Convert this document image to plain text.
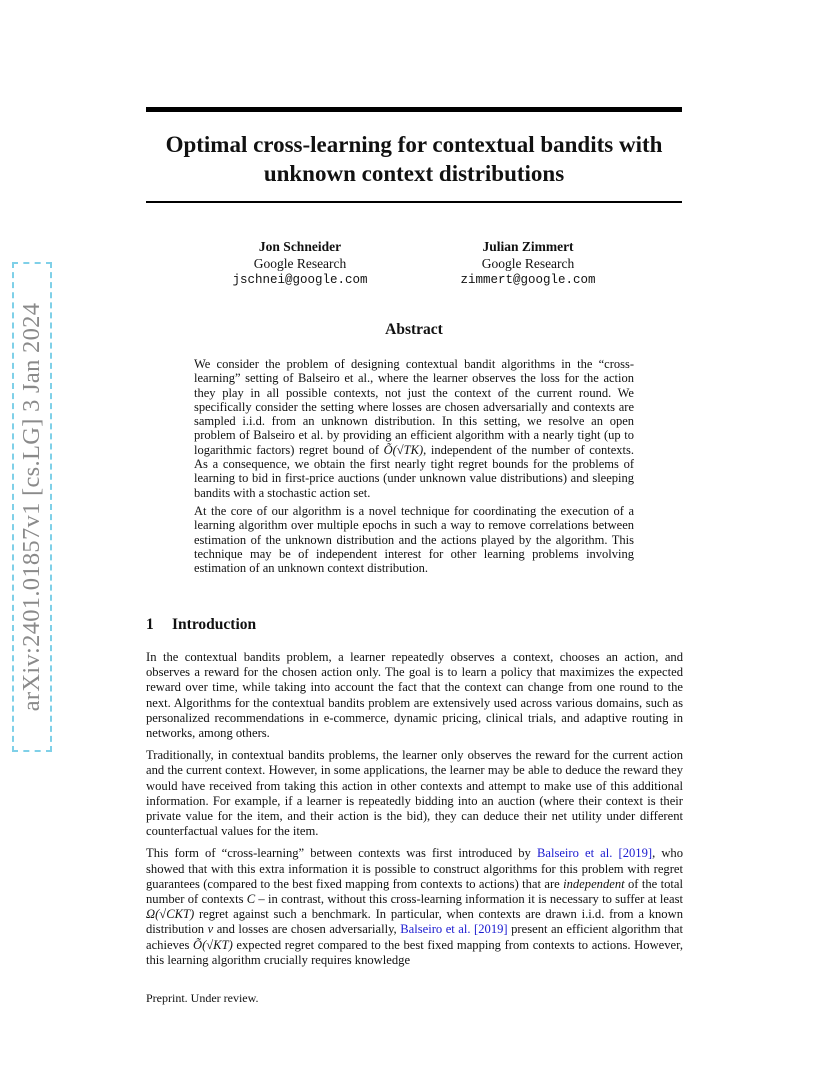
arXiv:2401.01857v1 [cs.LG] 3 Jan 2024
Optimal cross-learning for contextual bandits with unknown context distributions
Jon Schneider
Google Research
jschnei@google.com
Julian Zimmert
Google Research
zimmert@google.com
Abstract

We consider the problem of designing contextual bandit algorithms in the “cross-learning” setting of Balseiro et al., where the learner observes the loss for the action they play in all possible contexts, not just the context of the current round. We specifically consider the setting where losses are chosen adversarially and contexts are sampled i.i.d. from an unknown distribution. In this setting, we resolve an open problem of Balseiro et al. by providing an efficient algorithm with a nearly tight (up to logarithmic factors) regret bound of Õ(√TK), independent of the number of contexts. As a consequence, we obtain the first nearly tight regret bounds for the problems of learning to bid in first-price auctions (under unknown value distributions) and sleeping bandits with a stochastic action set.

At the core of our algorithm is a novel technique for coordinating the execution of a learning algorithm over multiple epochs in such a way to remove correlations between estimation of the unknown distribution and the actions played by the algorithm. This technique may be of independent interest for other learning problems involving estimation of an unknown context distribution.

1 Introduction

In the contextual bandits problem, a learner repeatedly observes a context, chooses an action, and observes a reward for the chosen action only. The goal is to learn a policy that maximizes the expected reward over time, while taking into account the fact that the context can change from one round to the next. Algorithms for the contextual bandits problem are extensively used across various domains, such as personalized recommendations in e-commerce, dynamic pricing, clinical trials, and adaptive routing in networks, among others.

Traditionally, in contextual bandits problems, the learner only observes the reward for the current action and the current context. However, in some applications, the learner may be able to deduce the reward they would have received from taking this action in other contexts and attempt to make use of this additional information. For example, if a learner is repeatedly bidding into an auction (where their context is their private value for the item, and their action is the bid), they can deduce their net utility under different counterfactual values for the item.

This form of “cross-learning” between contexts was first introduced by Balseiro et al. [2019], who showed that with this extra information it is possible to construct algorithms for this problem with regret guarantees (compared to the best fixed mapping from contexts to actions) that are independent of the total number of contexts C – in contrast, without this cross-learning information it is necessary to suffer at least Ω(√CKT) regret against such a benchmark. In particular, when contexts are drawn i.i.d. from a known distribution ν and losses are chosen adversarially, Balseiro et al. [2019] present an efficient algorithm that achieves Õ(√KT) expected regret compared to the best fixed mapping from contexts to actions. However, this learning algorithm crucially requires knowledge

Preprint. Under review.
